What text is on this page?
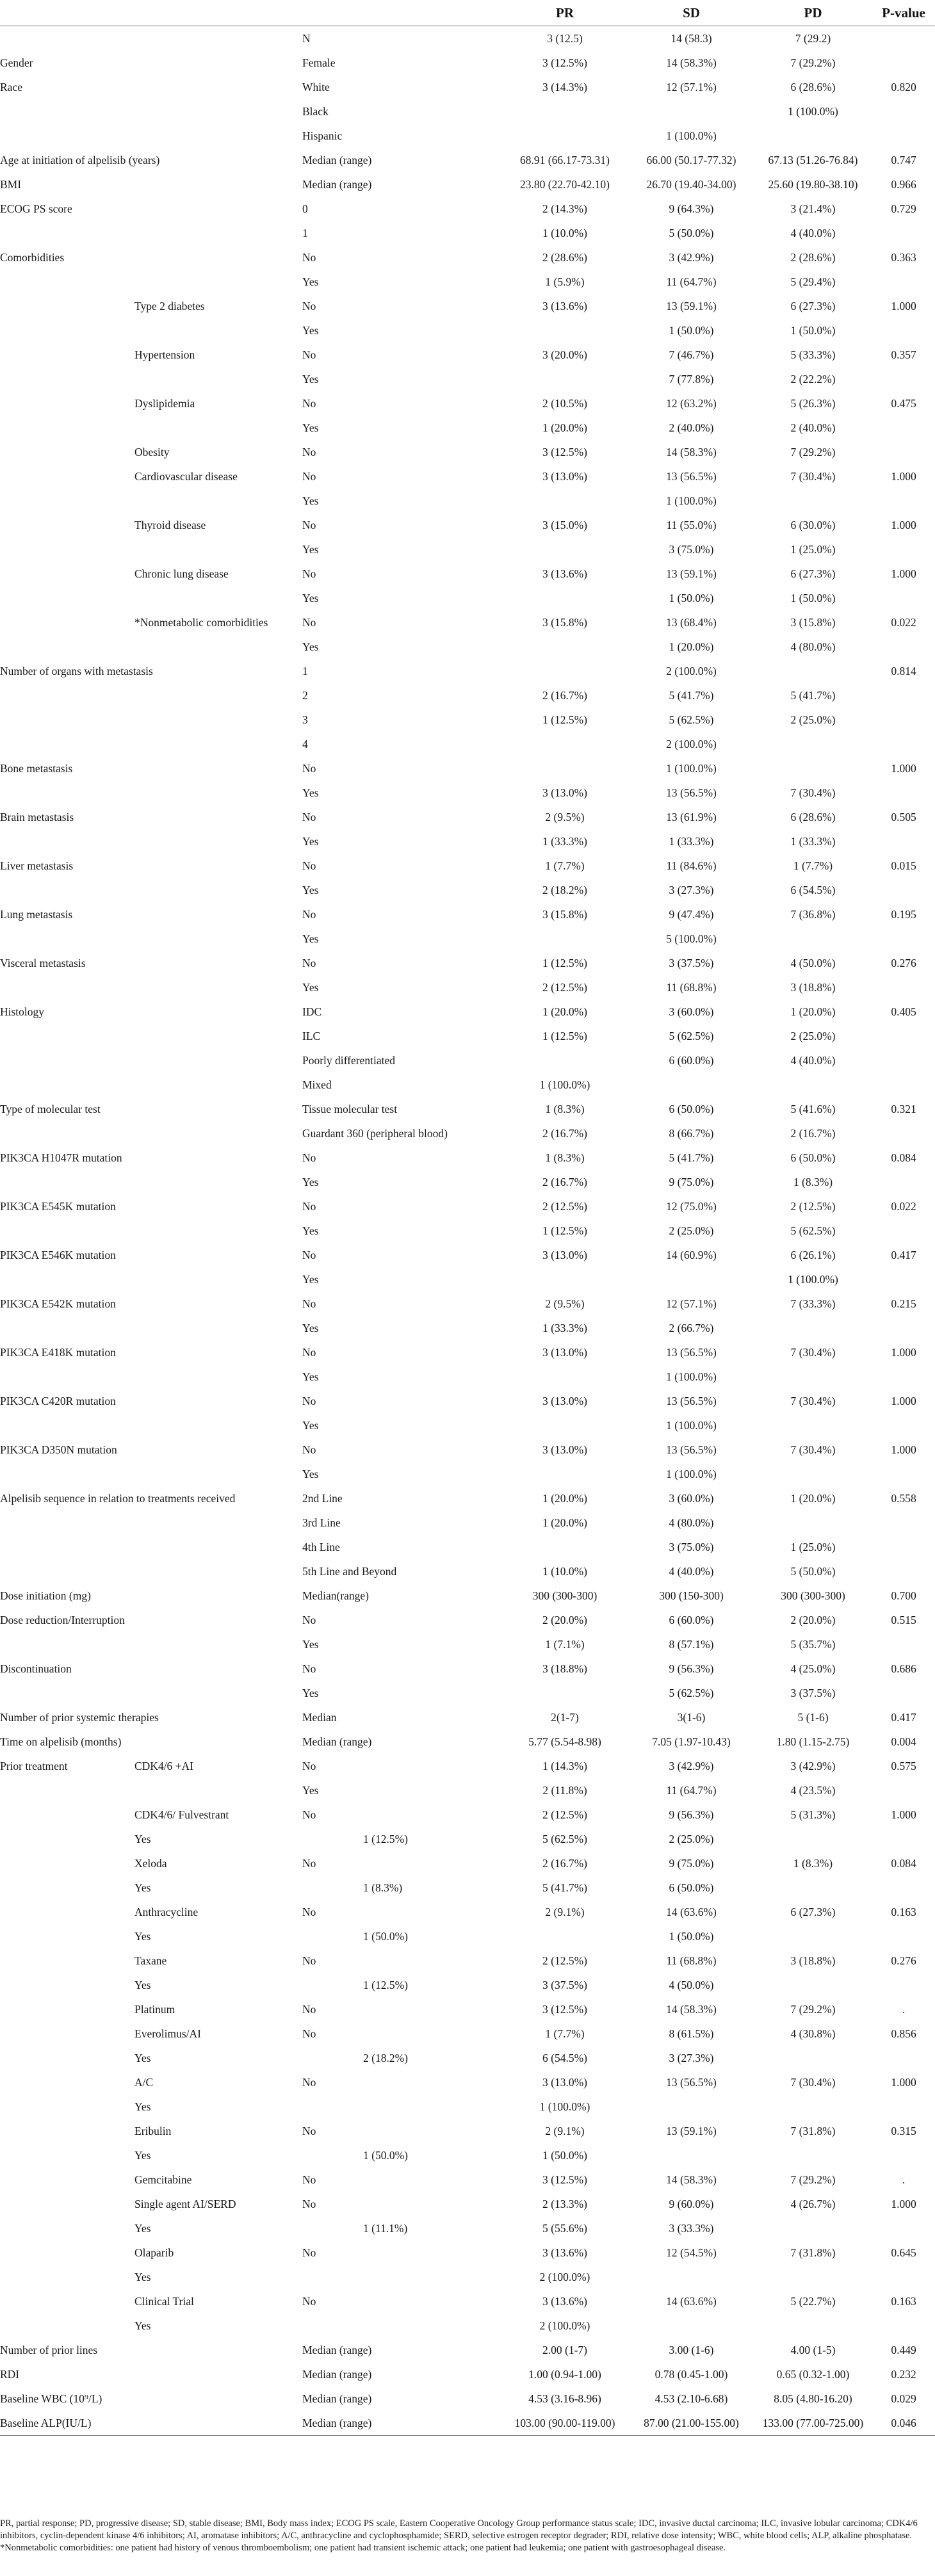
			PR	SD	PD	P-value
		N	3 (12.5)	14 (58.3)	7 (29.2)	
Gender		Female	3 (12.5%)	14 (58.3%)	7 (29.2%)	
Race		White	3 (14.3%)	12 (57.1%)	6 (28.6%)	0.820
		Black			1 (100.0%)	
		Hispanic		1 (100.0%)		
Age at initiation of alpelisib (years)		Median (range)	68.91 (66.17-73.31)	66.00 (50.17-77.32)	67.13 (51.26-76.84)	0.747
BMI		Median (range)	23.80 (22.70-42.10)	26.70 (19.40-34.00)	25.60 (19.80-38.10)	0.966
ECOG PS score		0	2 (14.3%)	9 (64.3%)	3 (21.4%)	0.729
		1	1 (10.0%)	5 (50.0%)	4 (40.0%)	
Comorbidities		No	2 (28.6%)	3 (42.9%)	2 (28.6%)	0.363
		Yes	1 (5.9%)	11 (64.7%)	5 (29.4%)	
	Type 2 diabetes	No	3 (13.6%)	13 (59.1%)	6 (27.3%)	1.000
		Yes		1 (50.0%)	1 (50.0%)	
	Hypertension	No	3 (20.0%)	7 (46.7%)	5 (33.3%)	0.357
		Yes		7 (77.8%)	2 (22.2%)	
	Dyslipidemia	No	2 (10.5%)	12 (63.2%)	5 (26.3%)	0.475
		Yes	1 (20.0%)	2 (40.0%)	2 (40.0%)	
	Obesity	No	3 (12.5%)	14 (58.3%)	7 (29.2%)	
	Cardiovascular disease	No	3 (13.0%)	13 (56.5%)	7 (30.4%)	1.000
		Yes		1 (100.0%)		
	Thyroid disease	No	3 (15.0%)	11 (55.0%)	6 (30.0%)	1.000
		Yes		3 (75.0%)	1 (25.0%)	
	Chronic lung disease	No	3 (13.6%)	13 (59.1%)	6 (27.3%)	1.000
		Yes		1 (50.0%)	1 (50.0%)	
	*Nonmetabolic comorbidities	No	3 (15.8%)	13 (68.4%)	3 (15.8%)	0.022
		Yes		1 (20.0%)	4 (80.0%)	
Number of organs with metastasis		1		2 (100.0%)		0.814
		2	2 (16.7%)	5 (41.7%)	5 (41.7%)	
		3	1 (12.5%)	5 (62.5%)	2 (25.0%)	
		4		2 (100.0%)		
Bone metastasis		No		1 (100.0%)		1.000
		Yes	3 (13.0%)	13 (56.5%)	7 (30.4%)	
Brain metastasis		No	2 (9.5%)	13 (61.9%)	6 (28.6%)	0.505
		Yes	1 (33.3%)	1 (33.3%)	1 (33.3%)	
Liver metastasis		No	1 (7.7%)	11 (84.6%)	1 (7.7%)	0.015
		Yes	2 (18.2%)	3 (27.3%)	6 (54.5%)	
Lung metastasis		No	3 (15.8%)	9 (47.4%)	7 (36.8%)	0.195
		Yes		5 (100.0%)		
Visceral metastasis		No	1 (12.5%)	3 (37.5%)	4 (50.0%)	0.276
		Yes	2 (12.5%)	11 (68.8%)	3 (18.8%)	
Histology		IDC	1 (20.0%)	3 (60.0%)	1 (20.0%)	0.405
		ILC	1 (12.5%)	5 (62.5%)	2 (25.0%)	
		Poorly differentiated		6 (60.0%)	4 (40.0%)	
		Mixed	1 (100.0%)			
Type of molecular test		Tissue molecular test	1 (8.3%)	6 (50.0%)	5 (41.6%)	0.321
		Guardant 360 (peripheral blood)	2 (16.7%)	8 (66.7%)	2 (16.7%)	
PIK3CA H1047R mutation		No	1 (8.3%)	5 (41.7%)	6 (50.0%)	0.084
		Yes	2 (16.7%)	9 (75.0%)	1 (8.3%)	
PIK3CA E545K mutation		No	2 (12.5%)	12 (75.0%)	2 (12.5%)	0.022
		Yes	1 (12.5%)	2 (25.0%)	5 (62.5%)	
PIK3CA E546K mutation		No	3 (13.0%)	14 (60.9%)	6 (26.1%)	0.417
		Yes			1 (100.0%)	
PIK3CA E542K mutation		No	2 (9.5%)	12 (57.1%)	7 (33.3%)	0.215
		Yes	1 (33.3%)	2 (66.7%)		
PIK3CA E418K mutation		No	3 (13.0%)	13 (56.5%)	7 (30.4%)	1.000
		Yes		1 (100.0%)		
PIK3CA C420R mutation		No	3 (13.0%)	13 (56.5%)	7 (30.4%)	1.000
		Yes		1 (100.0%)		
PIK3CA D350N mutation		No	3 (13.0%)	13 (56.5%)	7 (30.4%)	1.000
		Yes		1 (100.0%)		
Alpelisib sequence in relation to treatments received		2nd Line	1 (20.0%)	3 (60.0%)	1 (20.0%)	0.558
		3rd Line	1 (20.0%)	4 (80.0%)		
		4th Line		3 (75.0%)	1 (25.0%)	
		5th Line and Beyond	1 (10.0%)	4 (40.0%)	5 (50.0%)	
Dose initiation (mg)		Median(range)	300 (300-300)	300 (150-300)	300 (300-300)	0.700
Dose reduction/Interruption		No	2 (20.0%)	6 (60.0%)	2 (20.0%)	0.515
		Yes	1 (7.1%)	8 (57.1%)	5 (35.7%)	
Discontinuation		No	3 (18.8%)	9 (56.3%)	4 (25.0%)	0.686
		Yes		5 (62.5%)	3 (37.5%)	
Number of prior systemic therapies		Median	2(1-7)	3(1-6)	5 (1-6)	0.417
Time on alpelisib (months)		Median (range)	5.77 (5.54-8.98)	7.05 (1.97-10.43)	1.80 (1.15-2.75)	0.004
Prior treatment	CDK4/6 +AI	No	1 (14.3%)	3 (42.9%)	3 (42.9%)	0.575
		Yes	2 (11.8%)	11 (64.7%)	4 (23.5%)	
	CDK4/6/ Fulvestrant	No	2 (12.5%)	9 (56.3%)	5 (31.3%)	1.000
	Yes	1 (12.5%)	5 (62.5%)	2 (25.0%)		
	Xeloda	No	2 (16.7%)	9 (75.0%)	1 (8.3%)	0.084
	Yes	1 (8.3%)	5 (41.7%)	6 (50.0%)		
	Anthracycline	No	2 (9.1%)	14 (63.6%)	6 (27.3%)	0.163
	Yes	1 (50.0%)		1 (50.0%)		
	Taxane	No	2 (12.5%)	11 (68.8%)	3 (18.8%)	0.276
	Yes	1 (12.5%)	3 (37.5%)	4 (50.0%)		
	Platinum	No	3 (12.5%)	14 (58.3%)	7 (29.2%)	.
	Everolimus/AI	No	1 (7.7%)	8 (61.5%)	4 (30.8%)	0.856
	Yes	2 (18.2%)	6 (54.5%)	3 (27.3%)		
	A/C	No	3 (13.0%)	13 (56.5%)	7 (30.4%)	1.000
	Yes		1 (100.0%)			
	Eribulin	No	2 (9.1%)	13 (59.1%)	7 (31.8%)	0.315
	Yes	1 (50.0%)	1 (50.0%)			
	Gemcitabine	No	3 (12.5%)	14 (58.3%)	7 (29.2%)	.
	Single agent AI/SERD	No	2 (13.3%)	9 (60.0%)	4 (26.7%)	1.000
	Yes	1 (11.1%)	5 (55.6%)	3 (33.3%)		
	Olaparib	No	3 (13.6%)	12 (54.5%)	7 (31.8%)	0.645
	Yes		2 (100.0%)			
	Clinical Trial	No	3 (13.6%)	14 (63.6%)	5 (22.7%)	0.163
	Yes		2 (100.0%)			
Number of prior lines		Median (range)	2.00 (1-7)	3.00 (1-6)	4.00 (1-5)	0.449
RDI		Median (range)	1.00 (0.94-1.00)	0.78 (0.45-1.00)	0.65 (0.32-1.00)	0.232
Baseline WBC (10⁹/L)		Median (range)	4.53 (3.16-8.96)	4.53 (2.10-6.68)	8.05 (4.80-16.20)	0.029
Baseline ALP(IU/L)		Median (range)	103.00 (90.00-119.00)	87.00 (21.00-155.00)	133.00 (77.00-725.00)	0.046

PR, partial response; PD, progressive disease; SD, stable disease; BMI, Body mass index; ECOG PS scale, Eastern Cooperative Oncology Group performance status scale; IDC, invasive ductal carcinoma; ILC, invasive lobular carcinoma; CDK4/6 inhibitors, cyclin-dependent kinase 4/6 inhibitors; AI, aromatase inhibitors; A/C, anthracycline and cyclophosphamide; SERD, selective estrogen receptor degrader; RDI, relative dose intensity; WBC, white blood cells; ALP, alkaline phosphatase.

*Nonmetabolic comorbidities: one patient had history of venous thromboembolism; one patient had transient ischemic attack; one patient had leukemia; one patient with gastroesophageal disease.
